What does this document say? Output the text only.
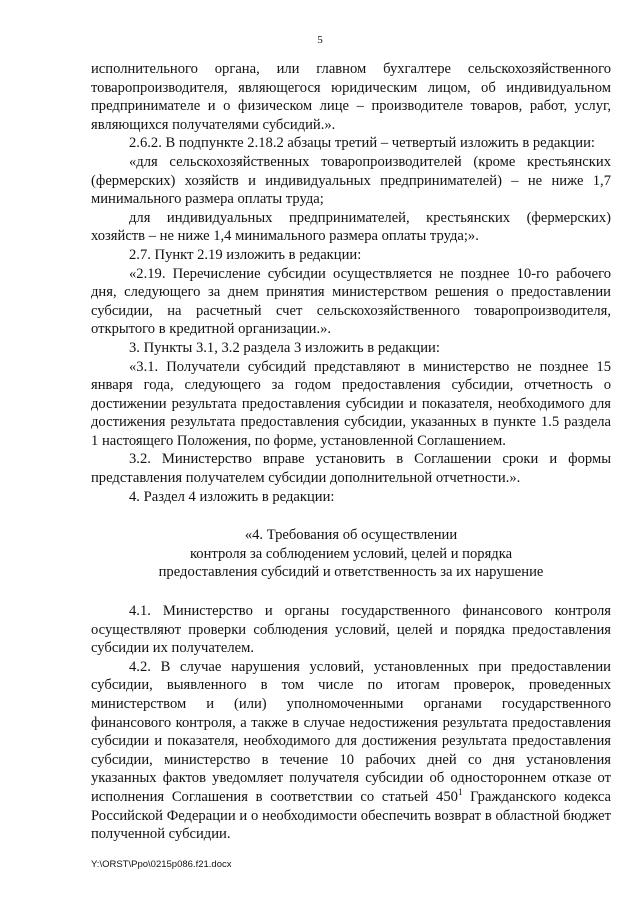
5

исполнительного органа, или главном бухгалтере сельскохозяйственного товаропроизводителя, являющегося юридическим лицом, об индивидуальном предпринимателе и о физическом лице – производителе товаров, работ, услуг, являющихся получателями субсидий.».

2.6.2. В подпункте 2.18.2 абзацы третий – четвертый изложить в редакции:

«для сельскохозяйственных товаропроизводителей (кроме крестьянских (фермерских) хозяйств и индивидуальных предпринимателей) – не ниже 1,7 минимального размера оплаты труда;

для индивидуальных предпринимателей, крестьянских (фермерских) хозяйств – не ниже 1,4 минимального размера оплаты труда;».

2.7. Пункт 2.19 изложить в редакции:

«2.19. Перечисление субсидии осуществляется не позднее 10-го рабочего дня, следующего за днем принятия министерством решения о предоставлении субсидии, на расчетный счет сельскохозяйственного товаропроизводителя, открытого в кредитной организации.».

3. Пункты 3.1, 3.2 раздела 3 изложить в редакции:

«3.1. Получатели субсидий представляют в министерство не позднее 15 января года, следующего за годом предоставления субсидии, отчетность о достижении результата предоставления субсидии и показателя, необходимого для достижения результата предоставления субсидии, указанных в пункте 1.5 раздела 1 настоящего Положения, по форме, установленной Соглашением.

3.2. Министерство вправе установить в Соглашении сроки и формы представления получателем субсидии дополнительной отчетности.».

4. Раздел 4 изложить в редакции:

«4. Требования об осуществлении
контроля за соблюдением условий, целей и порядка
предоставления субсидий и ответственность за их нарушение

4.1. Министерство и органы государственного финансового контроля осуществляют проверки соблюдения условий, целей и порядка предоставления субсидии их получателем.

4.2. В случае нарушения условий, установленных при предоставлении субсидии, выявленного в том числе по итогам проверок, проведенных министерством и (или) уполномоченными органами государственного финансового контроля, а также в случае недостижения результата предоставления субсидии и показателя, необходимого для достижения результата предоставления субсидии, министерство в течение 10 рабочих дней со дня установления указанных фактов уведомляет получателя субсидии об одностороннем отказе от исполнения Соглашения в соответствии со статьей $450^1$ Гражданского кодекса Российской Федерации и о необходимости обеспечить возврат в областной бюджет полученной субсидии.

Y:\ORST\Ppo\0215p086.f21.docx
